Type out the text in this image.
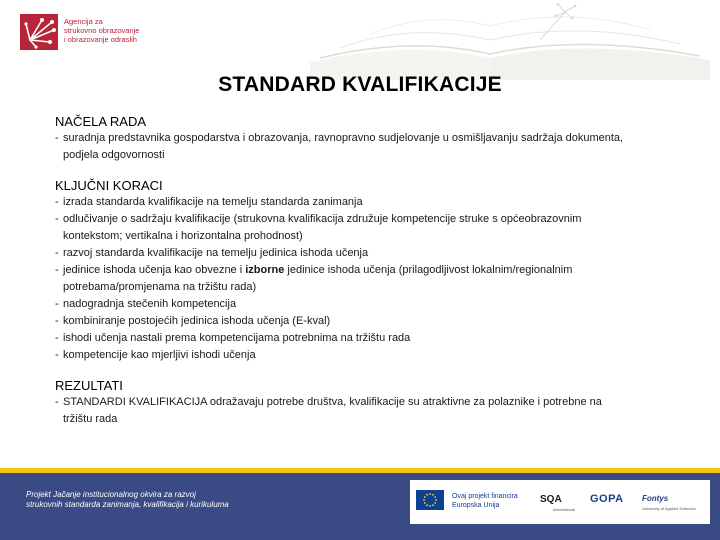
Agencija za
strukovno obrazovanje
i obrazovanje odraslih
STANDARD KVALIFIKACIJE
NAČELA RADA
- suradnja predstavnika gospodarstva i obrazovanja, ravnopravno sudjelovanje u osmišljavanju sadržaja dokumenta,
podjela odgovornosti
KLJUČNI KORACI
- izrada standarda kvalifikacije na temelju standarda zanimanja
- odlučivanje o sadržaju kvalifikacije (strukovna kvalifikacija združuje kompetencije struke s općeobrazovnim
kontekstom; vertikalna i horizontalna prohodnost)
- razvoj standarda kvalifikacije na temelju jedinica ishoda učenja
- jedinice ishoda učenja kao obvezne i izborne jedinice ishoda učenja (prilagodljivost lokalnim/regionalnim
potrebama/promjenama na tržištu rada)
- nadogradnja stečenih kompetencija
- kombiniranje postojećih jedinica ishoda učenja (E-kval)
- ishodi učenja nastali prema kompetencijama potrebnima na tržištu rada
- kompetencije kao mjerljivi ishodi učenja
REZULTATI
- STANDARDI KVALIFIKACIJA odražavaju potrebe društva, kvalifikacije su atraktivne za polaznike i potrebne na
tržištu rada
Projekt Jačanje institucionalnog okvira za razvoj
strukovnih standarda zanimanja, kvalifikacija i kurikuluma
Ovaj projekt financira
Europska Unija
SQA
International
GOPA Fontys
University of Applied Sciences
